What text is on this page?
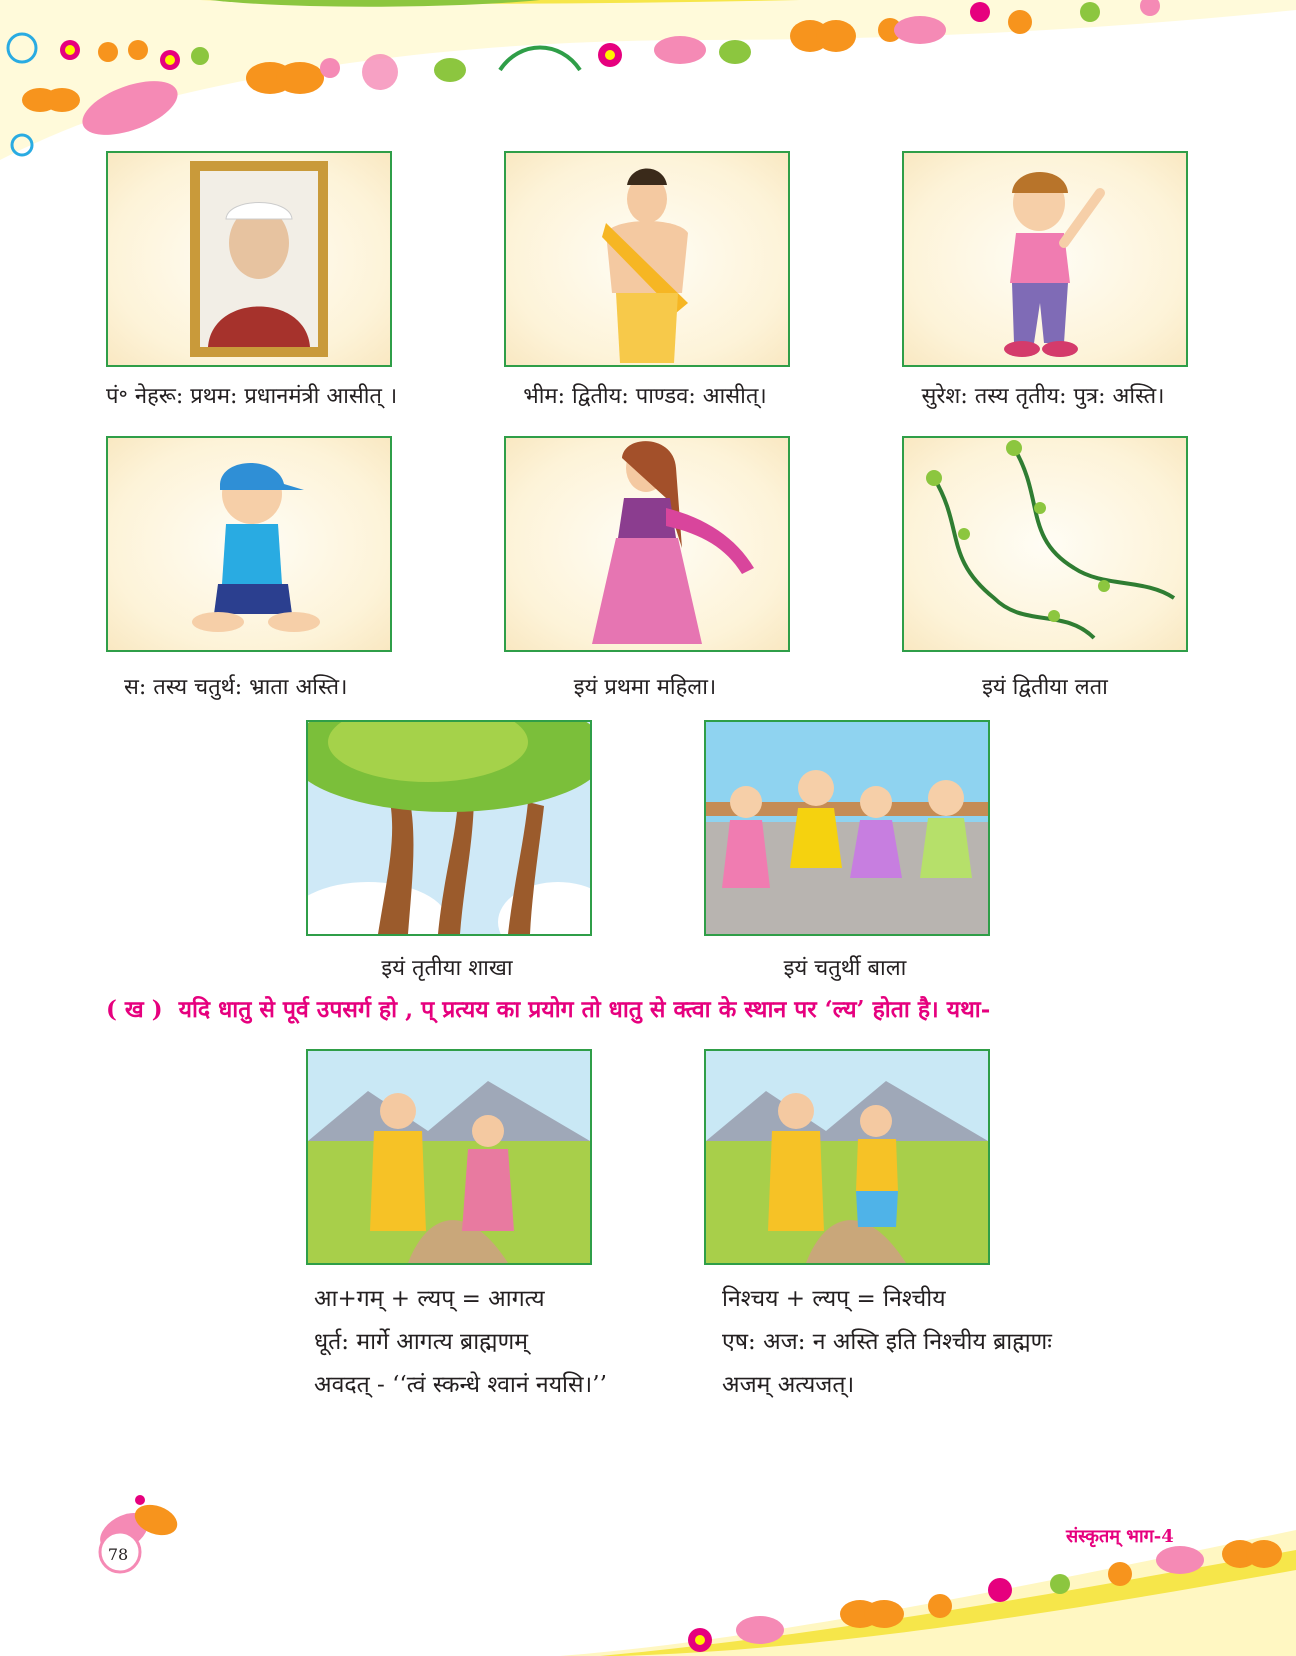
पं॰ नेहरू: प्रथम: प्रधानमंत्री आसीत् ।	भीम: द्वितीय: पाण्डव: आसीत्।	सुरेश: तस्य तृतीय: पुत्र: अस्ति।
स: तस्य चतुर्थ: भ्राता अस्ति।	इयं प्रथमा महिला।	इयं द्वितीया लता
इयं तृतीया शाखा	इयं चतुर्थी बाला
( ख ) यदि धातु से पूर्व उपसर्ग हो , प् प्रत्यय का प्रयोग तो धातु से क्त्वा के स्थान पर ‘ल्य’ होता है। यथा-
आ+गम् + ल्यप् = आगत्य
धूर्त: मार्गे आगत्य ब्राह्मणम्
अवदत् - ‘‘त्वं स्कन्धे श्वानं नयसि।’’
निश्चय + ल्यप् = निश्चीय
एष: अज: न अस्ति इति निश्चीय ब्राह्मणः
अजम् अत्यजत्।
78
संस्कृतम् भाग-4
